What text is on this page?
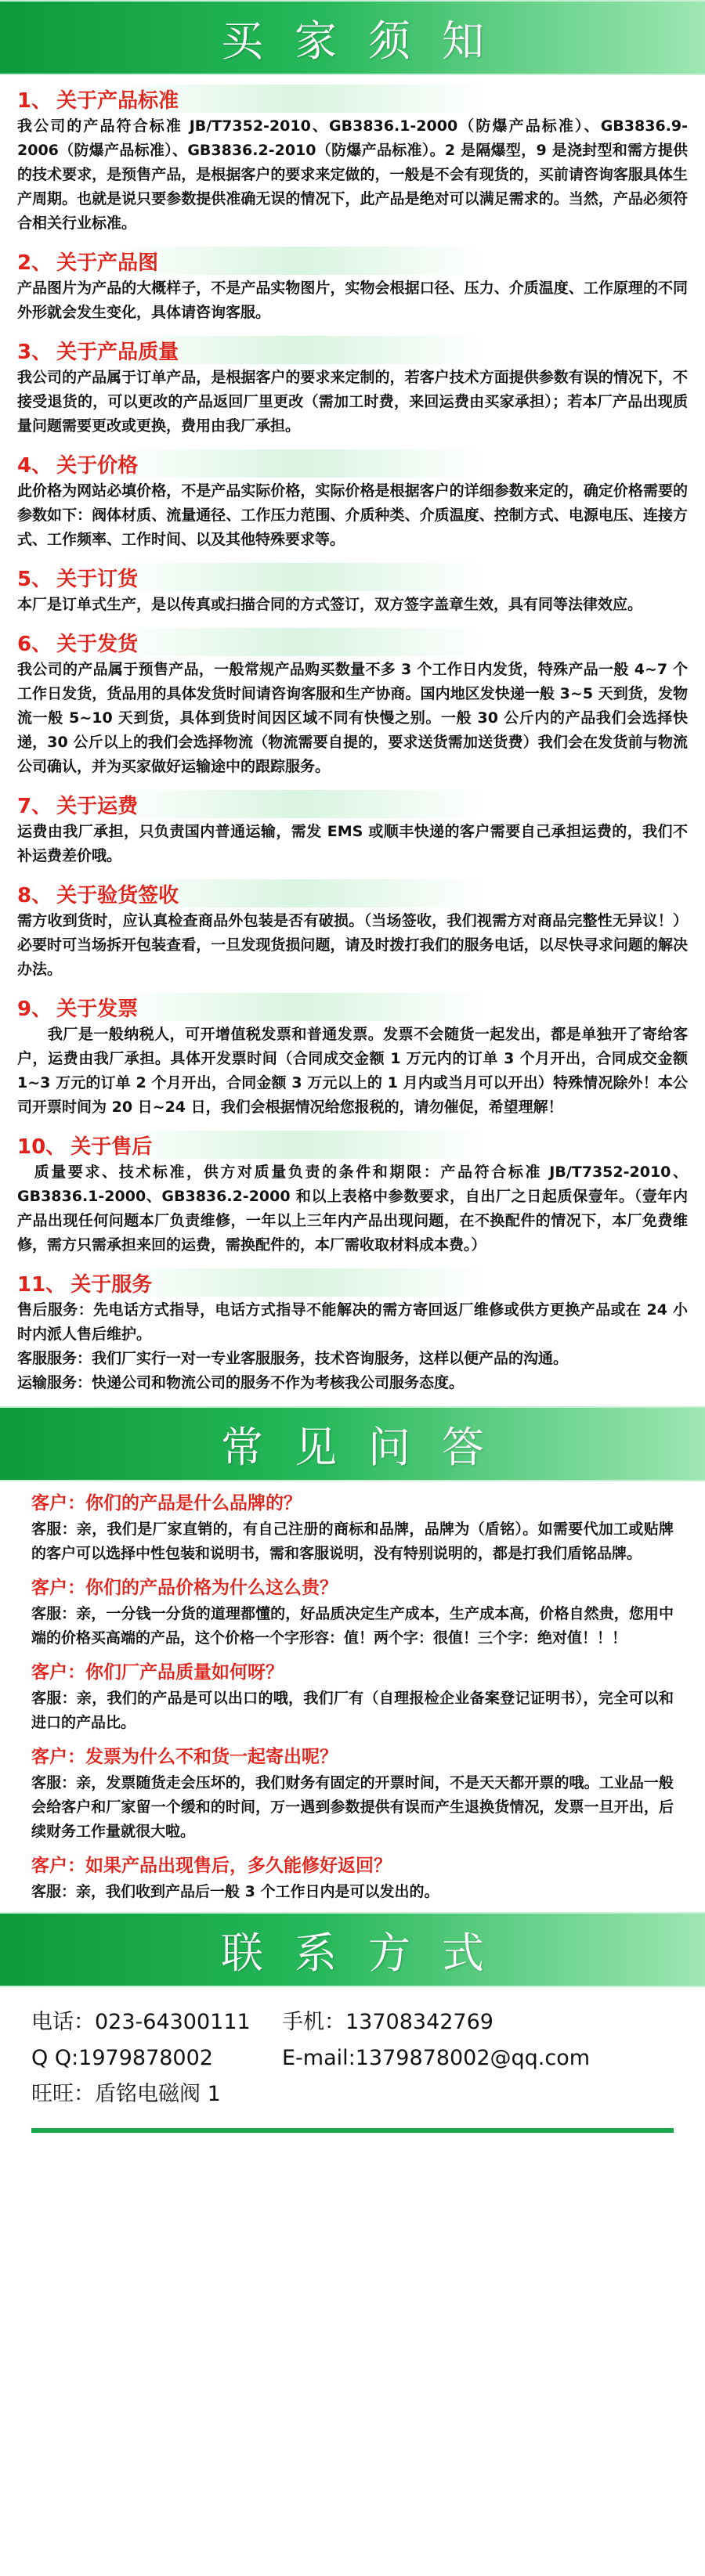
买家须知
1、 关于产品标准

我公司的产品符合标准 JB/T7352-2010、GB3836.1-2000（防爆产品标准）、GB3836.9-2006（防爆产品标准）、GB3836.2-2010（防爆产品标准）。2 是隔爆型，9 是浇封型和需方提供的技术要求，是预售产品，是根据客户的要求来定做的，一般是不会有现货的，买前请咨询客服具体生产周期。也就是说只要参数提供准确无误的情况下，此产品是绝对可以满足需求的。当然，产品必须符合相关行业标准。

2、 关于产品图

产品图片为产品的大概样子，不是产品实物图片，实物会根据口径、压力、介质温度、工作原理的不同外形就会发生变化，具体请咨询客服。

3、 关于产品质量

我公司的产品属于订单产品，是根据客户的要求来定制的，若客户技术方面提供参数有误的情况下，不接受退货的，可以更改的产品返回厂里更改（需加工时费，来回运费由买家承担）；若本厂产品出现质量问题需要更改或更换，费用由我厂承担。

4、 关于价格

此价格为网站必填价格，不是产品实际价格，实际价格是根据客户的详细参数来定的，确定价格需要的参数如下：阀体材质、流量通径、工作压力范围、介质种类、介质温度、控制方式、电源电压、连接方式、工作频率、工作时间、以及其他特殊要求等。

5、 关于订货

本厂是订单式生产，是以传真或扫描合同的方式签订，双方签字盖章生效，具有同等法律效应。

6、 关于发货

我公司的产品属于预售产品，一般常规产品购买数量不多 3 个工作日内发货，特殊产品一般 4~7 个工作日发货，货品用的具体发货时间请咨询客服和生产协商。国内地区发快递一般 3~5 天到货，发物流一般 5~10 天到货，具体到货时间因区域不同有快慢之别。一般 30 公斤内的产品我们会选择快递，30 公斤以上的我们会选择物流（物流需要自提的，要求送货需加送货费）我们会在发货前与物流公司确认，并为买家做好运输途中的跟踪服务。

7、 关于运费

运费由我厂承担，只负责国内普通运输，需发 EMS 或顺丰快递的客户需要自己承担运费的，我们不补运费差价哦。

8、 关于验货签收

需方收到货时，应认真检查商品外包装是否有破损。（当场签收，我们视需方对商品完整性无异议！）必要时可当场拆开包装查看，一旦发现货损问题，请及时拨打我们的服务电话，以尽快寻求问题的解决办法。

9、 关于发票

　　我厂是一般纳税人，可开增值税发票和普通发票。发票不会随货一起发出，都是单独开了寄给客户，运费由我厂承担。具体开发票时间（合同成交金额 1 万元内的订单 3 个月开出，合同成交金额 1~3 万元的订单 2 个月开出，合同金额 3 万元以上的 1 月内或当月可以开出）特殊情况除外！本公司开票时间为 20 日~24 日，我们会根据情况给您报税的，请勿催促，希望理解！

10、 关于售后

　质量要求、技术标准，供方对质量负责的条件和期限：产品符合标准 JB/T7352-2010、GB3836.1-2000、GB3836.2-2000 和以上表格中参数要求，自出厂之日起质保壹年。（壹年内产品出现任何问题本厂负责维修，一年以上三年内产品出现问题，在不换配件的情况下，本厂免费维修，需方只需承担来回的运费，需换配件的，本厂需收取材料成本费。）

11、 关于服务

售后服务：先电话方式指导，电话方式指导不能解决的需方寄回返厂维修或供方更换产品或在 24 小时内派人售后维护。

客服服务：我们厂实行一对一专业客服服务，技术咨询服务，这样以便产品的沟通。

运输服务：快递公司和物流公司的服务不作为考核我公司服务态度。

常见问答
客户：你们的产品是什么品牌的？
客服：亲，我们是厂家直销的，有自己注册的商标和品牌，品牌为（盾铭）。如需要代加工或贴牌的客户可以选择中性包装和说明书，需和客服说明，没有特别说明的，都是打我们盾铭品牌。
客户：你们的产品价格为什么这么贵？
客服：亲，一分钱一分货的道理都懂的，好品质决定生产成本，生产成本高，价格自然贵，您用中端的价格买高端的产品，这个价格一个字形容：值！两个字：很值！三个字：绝对值！！！
客户：你们厂产品质量如何呀？
客服：亲，我们的产品是可以出口的哦，我们厂有（自理报检企业备案登记证明书），完全可以和进口的产品比。
客户：发票为什么不和货一起寄出呢？
客服：亲，发票随货走会压坏的，我们财务有固定的开票时间，不是天天都开票的哦。工业品一般会给客户和厂家留一个缓和的时间，万一遇到参数提供有误而产生退换货情况，发票一旦开出，后续财务工作量就很大啦。
客户：如果产品出现售后，多久能修好返回？
客服：亲，我们收到产品后一般 3 个工作日内是可以发出的。
联系方式
电话：023-64300111	手机：13708342769
Q Q:1979878002	E-mail:1379878002@qq.com
旺旺：盾铭电磁阀 1
